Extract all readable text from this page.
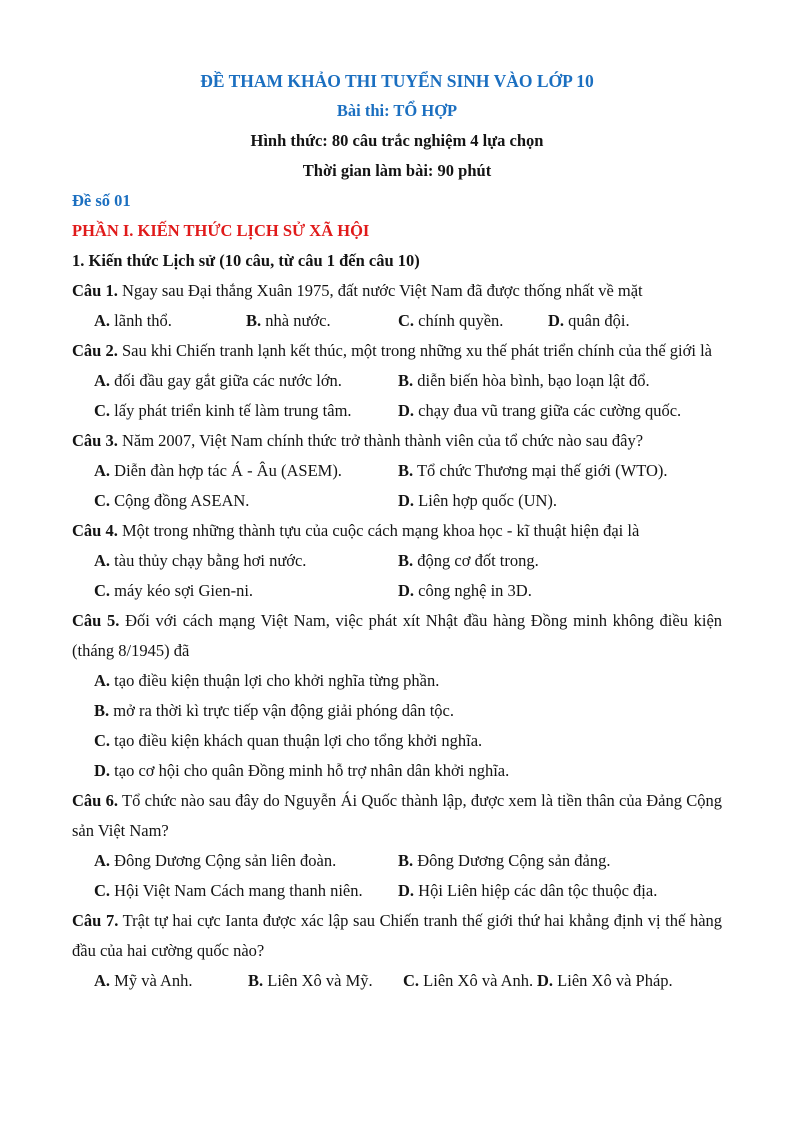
ĐỀ THAM KHẢO THI TUYỂN SINH VÀO LỚP 10

Bài thi: TỔ HỢP

Hình thức: 80 câu trắc nghiệm 4 lựa chọn

Thời gian làm bài: 90 phút

Đề số 01

PHẦN I. KIẾN THỨC LỊCH SỬ XÃ HỘI

1. Kiến thức Lịch sử (10 câu, từ câu 1 đến câu 10)

Câu 1. Ngay sau Đại thắng Xuân 1975, đất nước Việt Nam đã được thống nhất về mặt

A. lãnh thổ.	B. nhà nước.	C. chính quyền.	D. quân đội.

Câu 2. Sau khi Chiến tranh lạnh kết thúc, một trong những xu thế phát triển chính của thế giới là

A. đối đầu gay gắt giữa các nước lớn.	B. diễn biến hòa bình, bạo loạn lật đổ.
C. lấy phát triển kinh tế làm trung tâm.	D. chạy đua vũ trang giữa các cường quốc.

Câu 3. Năm 2007, Việt Nam chính thức trở thành thành viên của tổ chức nào sau đây?

A. Diễn đàn hợp tác Á - Âu (ASEM).	B. Tổ chức Thương mại thế giới (WTO).
C. Cộng đồng ASEAN.	D. Liên hợp quốc (UN).

Câu 4. Một trong những thành tựu của cuộc cách mạng khoa học - kĩ thuật hiện đại là

A. tàu thủy chạy bằng hơi nước.	B. động cơ đốt trong.
C. máy kéo sợi Gien-ni.	D. công nghệ in 3D.

Câu 5. Đối với cách mạng Việt Nam, việc phát xít Nhật đầu hàng Đồng minh không điều kiện (tháng 8/1945) đã

A. tạo điều kiện thuận lợi cho khởi nghĩa từng phần.
B. mở ra thời kì trực tiếp vận động giải phóng dân tộc.
C. tạo điều kiện khách quan thuận lợi cho tổng khởi nghĩa.
D. tạo cơ hội cho quân Đồng minh hỗ trợ nhân dân khởi nghĩa.

Câu 6. Tổ chức nào sau đây do Nguyễn Ái Quốc thành lập, được xem là tiền thân của Đảng Cộng sản Việt Nam?

A. Đông Dương Cộng sản liên đoàn.	B. Đông Dương Cộng sản đảng.
C. Hội Việt Nam Cách mang thanh niên.	D. Hội Liên hiệp các dân tộc thuộc địa.

Câu 7. Trật tự hai cực Ianta được xác lập sau Chiến tranh thế giới thứ hai khẳng định vị thế hàng đầu của hai cường quốc nào?

A. Mỹ và Anh.	B. Liên Xô và Mỹ.	C. Liên Xô và Anh. D. Liên Xô và Pháp.
